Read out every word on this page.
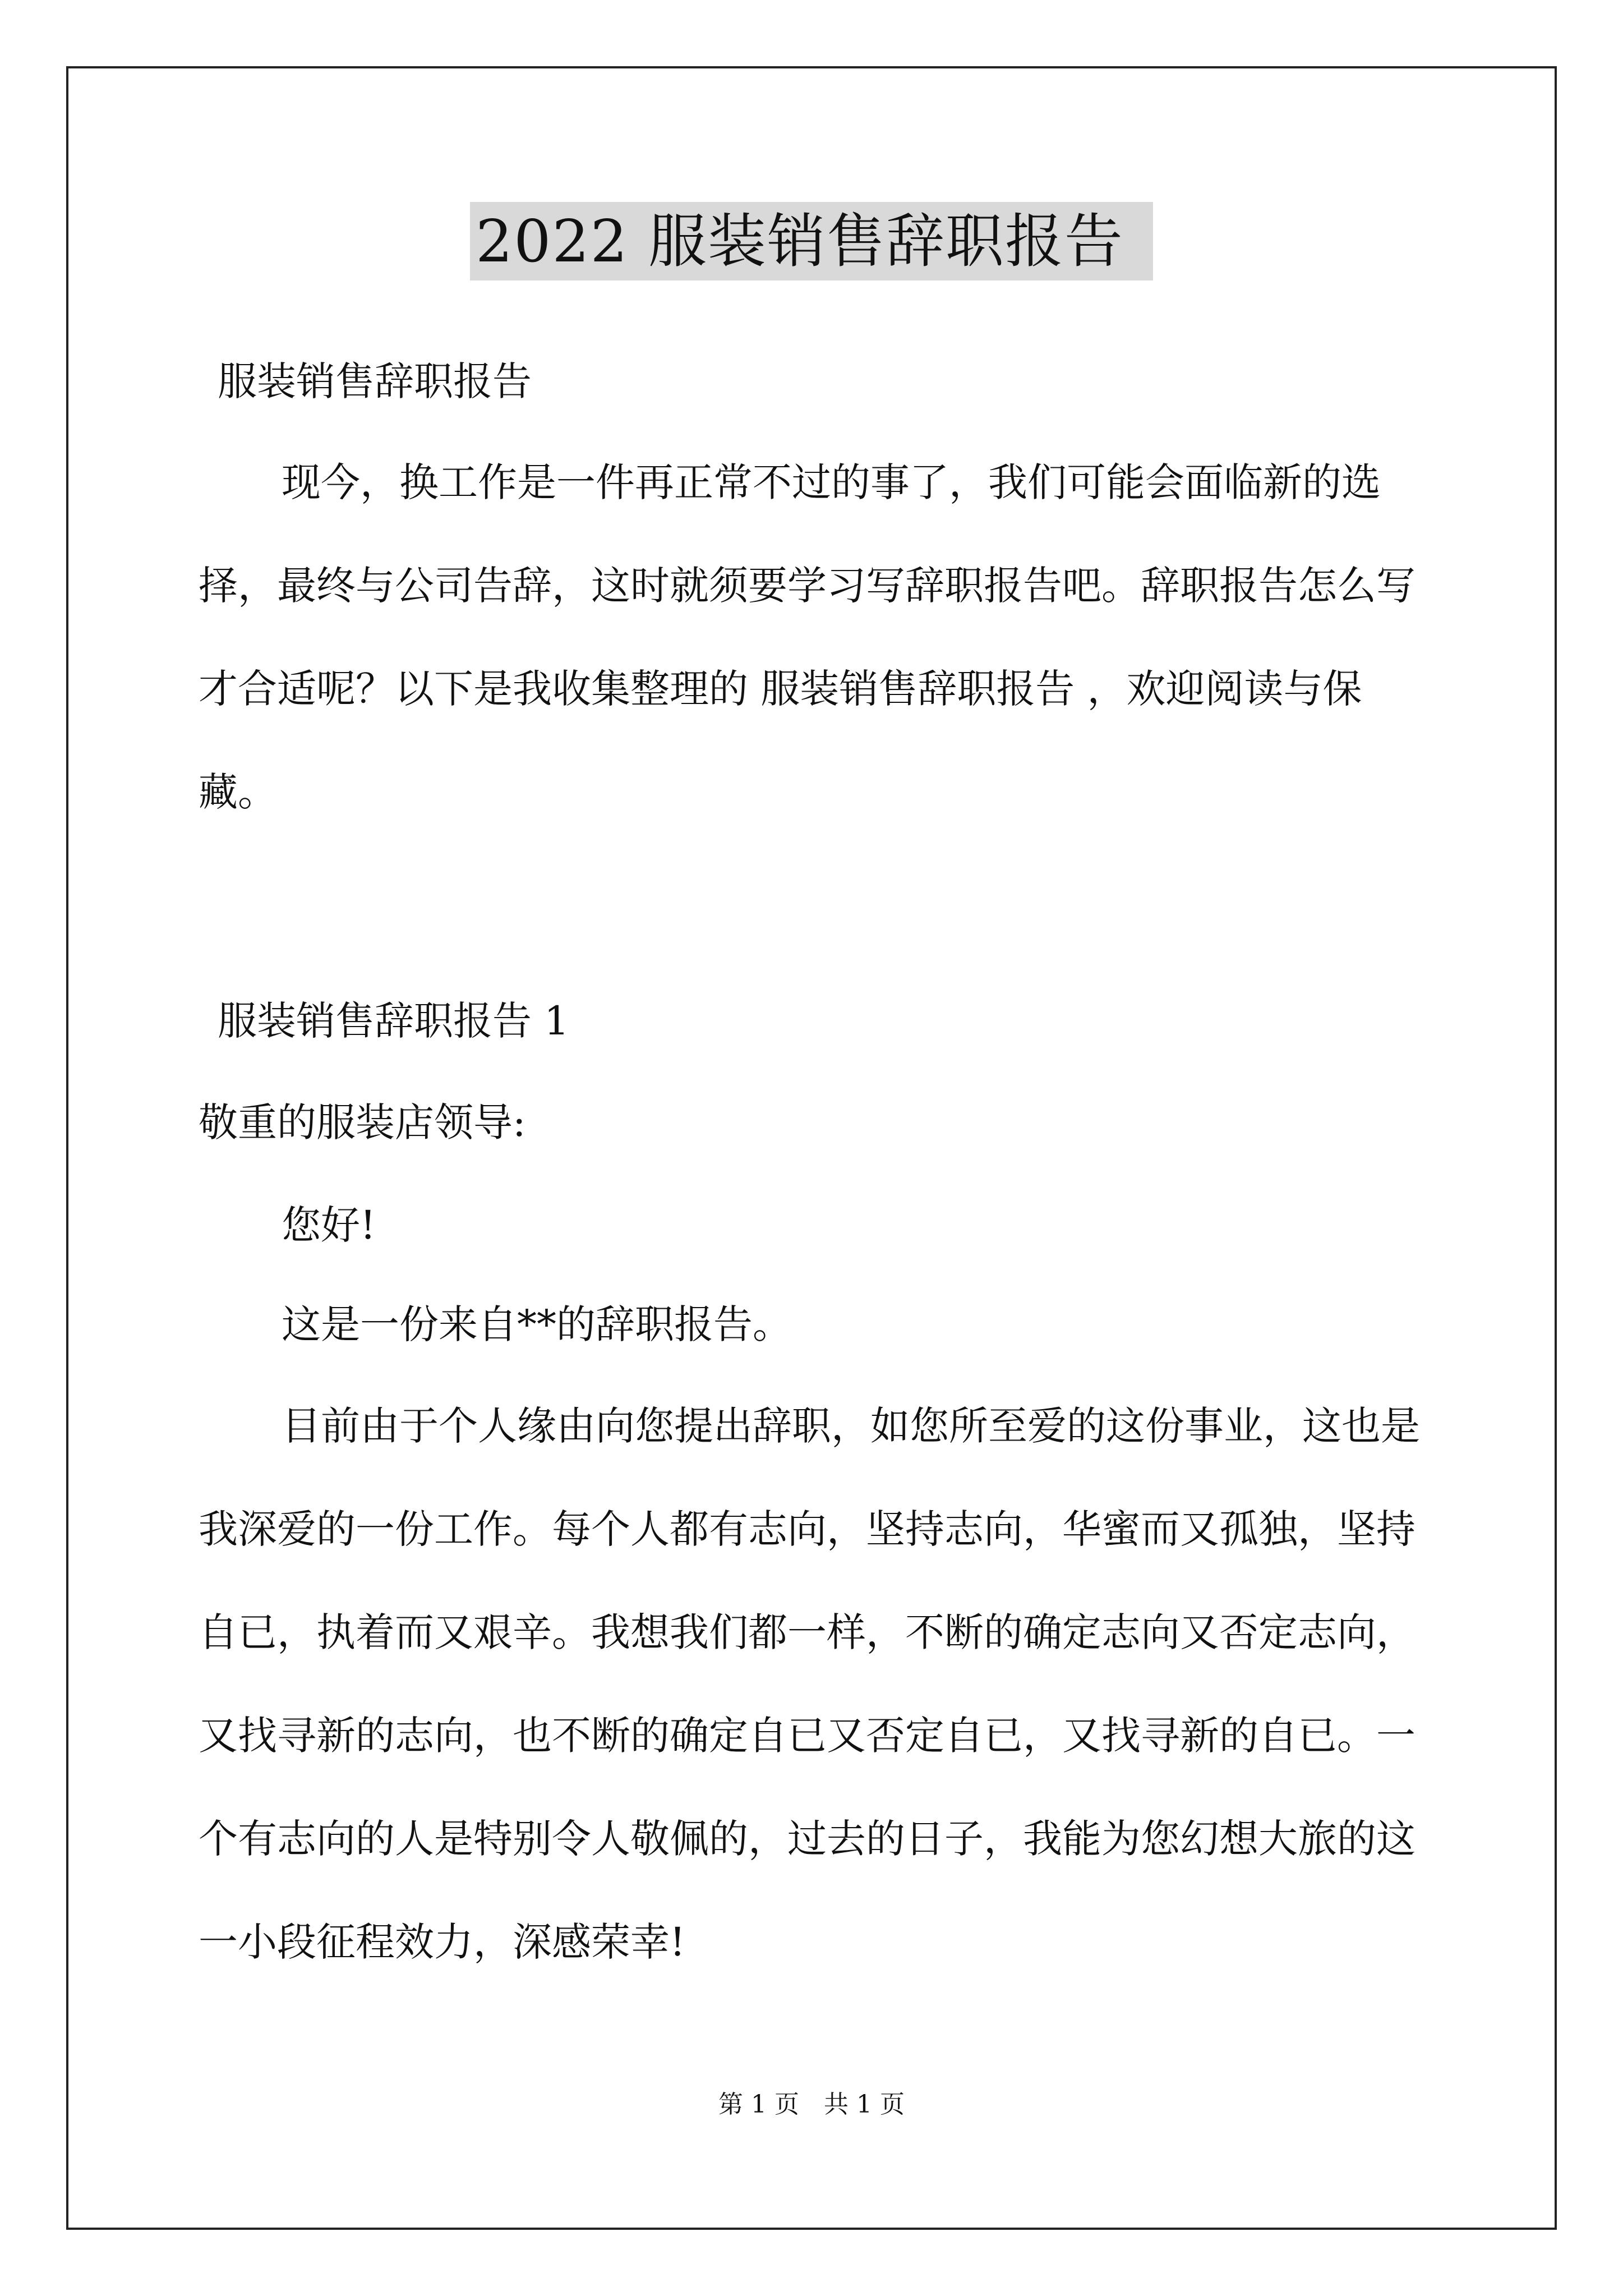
2022 服装销售辞职报告

服装销售辞职报告

现今，换工作是一件再正常不过的事了，我们可能会面临新的选择，最终与公司告辞，这时就须要学习写辞职报告吧。辞职报告怎么写才合适呢？以下是我收集整理的 服装销售辞职报告 ，欢迎阅读与保藏。

服装销售辞职报告 1

敬重的服装店领导:

您好!

这是一份来自**的辞职报告。

目前由于个人缘由向您提出辞职，如您所至爱的这份事业，这也是我深爱的一份工作。每个人都有志向，坚持志向，华蜜而又孤独，坚持自已，执着而又艰辛。我想我们都一样，不断的确定志向又否定志向，又找寻新的志向，也不断的确定自已又否定自已，又找寻新的自已。一个有志向的人是特别令人敬佩的，过去的日子，我能为您幻想大旅的这一小段征程效力，深感荣幸!

第 1 页 共 1 页
